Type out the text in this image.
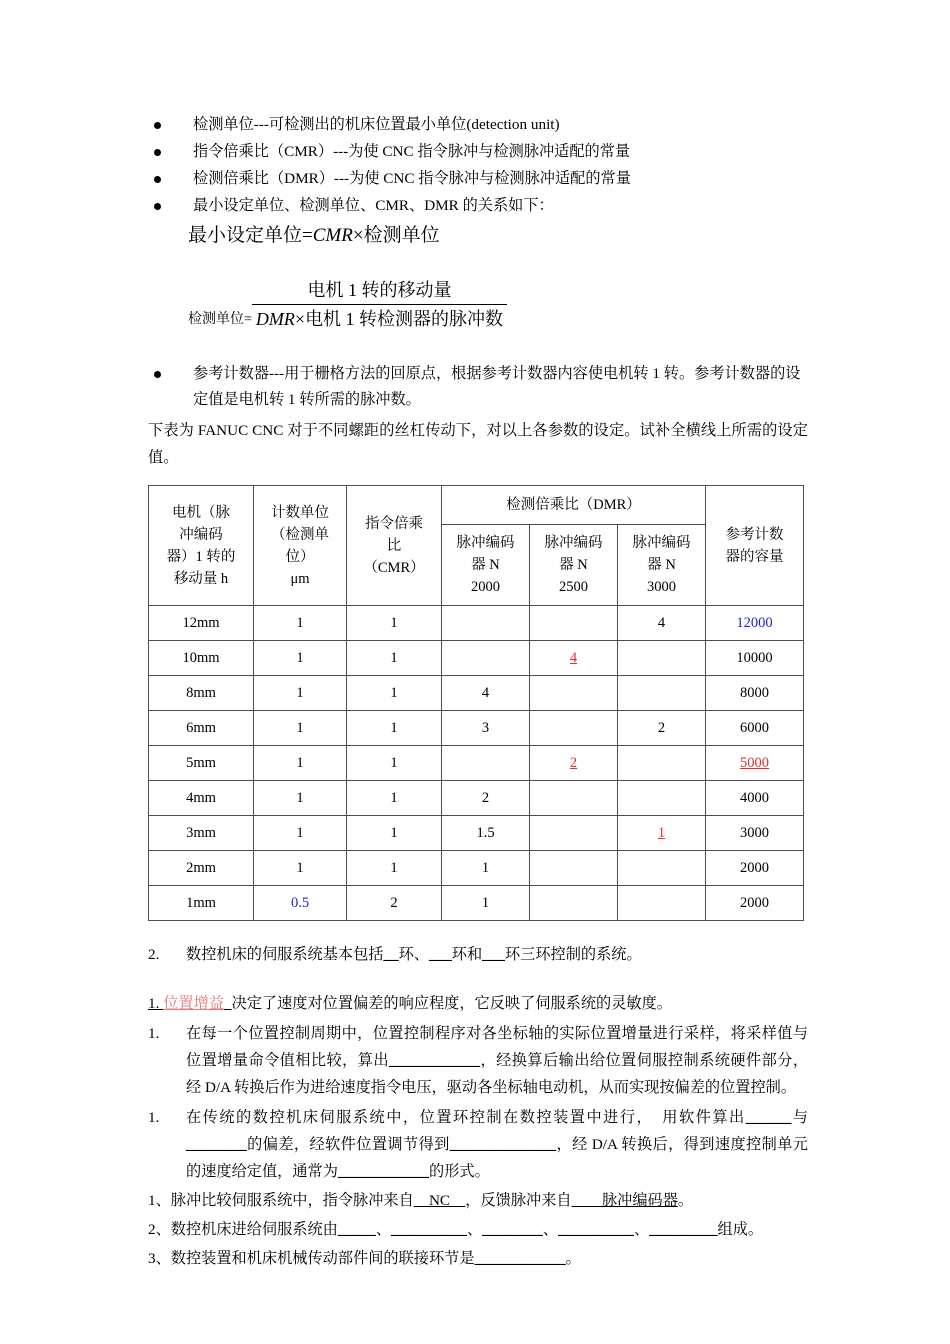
检测单位---可检测出的机床位置最小单位(detection unit)
指令倍乘比（CMR）---为使 CNC 指令脉冲与检测脉冲适配的常量
检测倍乘比（DMR）---为使 CNC 指令脉冲与检测脉冲适配的常量
最小设定单位、检测单位、CMR、DMR 的关系如下：
最小设定单位=CMR×检测单位
检测单位= $\frac{\text{电机 1 转的移动量}}{\text{DMR×电机 1 转检测器的脉冲数}}$
参考计数器---用于栅格方法的回原点，根据参考计数器内容使电机转 1 转。参考计数器的设定值是电机转 1 转所需的脉冲数。
下表为 FANUC CNC 对于不同螺距的丝杠传动下，对以上各参数的设定。试补全横线上所需的设定值。
电机（脉
冲编码
器）1 转的
移动量 h

计数单位
（检测单
位）
μm

指令倍乘
比
（CMR）
	检测倍乘比（DMR）	
参考计数
器的容量

脉冲编码
器 N
2000

脉冲编码
器 N
2500

脉冲编码
器 N
3000

12mm	1	1			4	12000
10mm	1	1		4		10000
8mm	1	1	4			8000
6mm	1	1	3		2	6000
5mm	1	1		2		5000
4mm	1	1	2			4000
3mm	1	1	1.5		1	3000
2mm	1	1	1			2000
1mm	0.5	2	1			2000
2.	数控机床的伺服系统基本包括__环、___环和___环三环控制的系统。
1. 位置增益 决定了速度对位置偏差的响应程度，它反映了伺服系统的灵敏度。
1.	在每一个位置控制周期中，位置控制程序对各坐标轴的实际位置增量进行采样，将采样值与位置增量命令值相比较，算出____________，经换算后输出给位置伺服控制系统硬件部分，经 D/A 转换后作为进给速度指令电压，驱动各坐标轴电动机，从而实现按偏差的位置控制。
1.	在传统的数控机床伺服系统中，位置环控制在数控装置中进行，　用软件算出______与________的偏差，经软件位置调节得到______________，经 D/A 转换后，得到速度控制单元的速度给定值，通常为____________的形式。
1、脉冲比较伺服系统中，指令脉冲来自　NC　，反馈脉冲来自　　脉冲编码器。
2、数控机床进给伺服系统由_____、__________、________、__________、_________组成。
3、数控装置和机床机械传动部件间的联接环节是____________。
